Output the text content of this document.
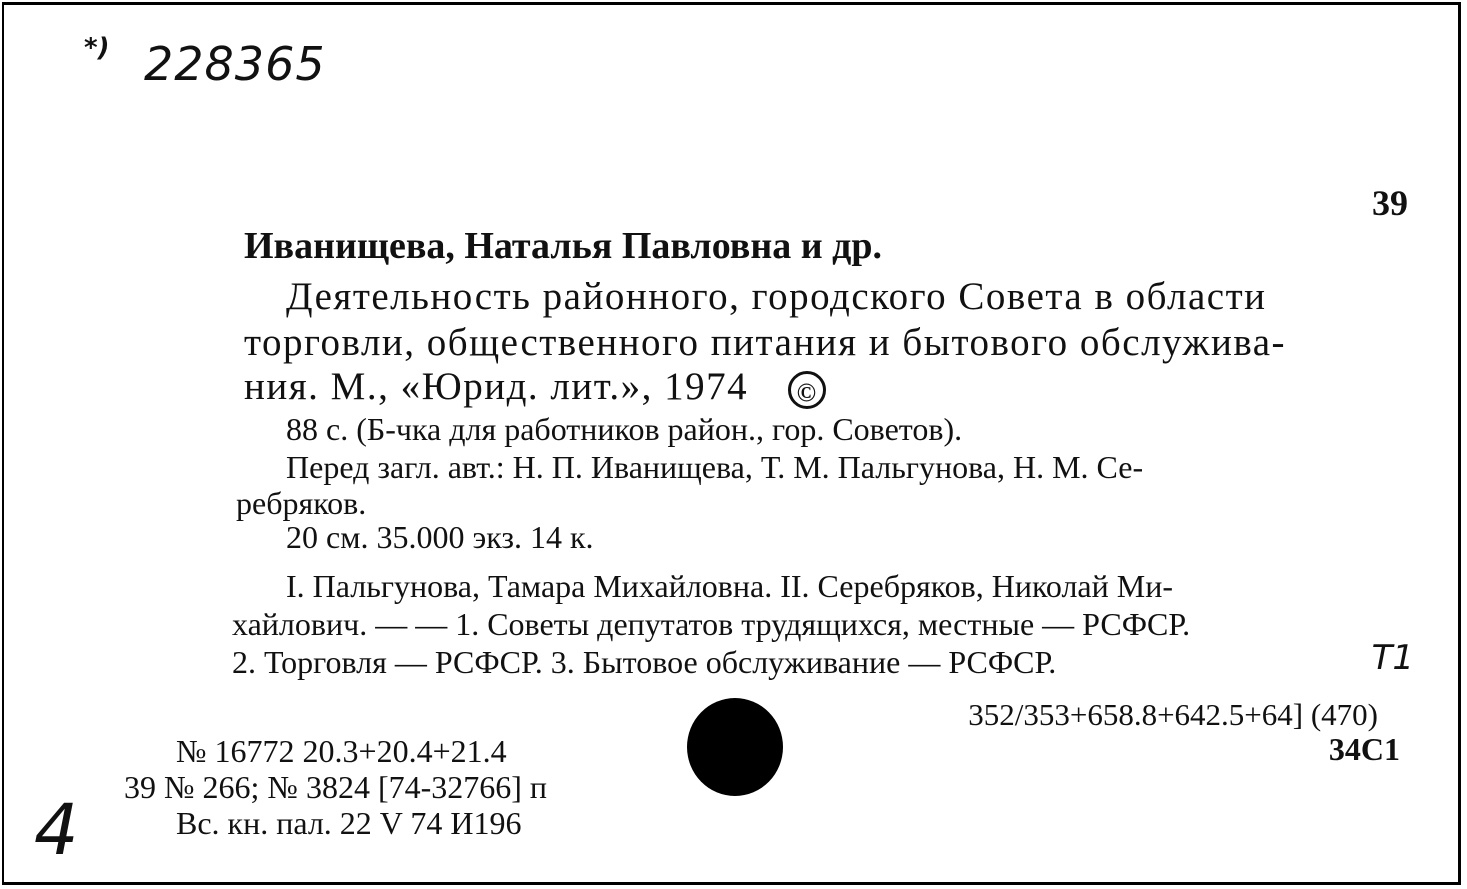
*) 228365
39
Иванищева, Наталья Павловна и др.
Деятельность районного, городского Совета в области
торговли, общественного питания и бытового обслужива-
ния. М., «Юрид. лит.», 1974 ©
88 с. (Б-чка для работников район., гор. Советов).
Перед загл. авт.: Н. П. Иванищева, Т. М. Пальгунова, Н. М. Се-
ребряков.
20 см. 35.000 экз. 14 к.
I. Пальгунова, Тамара Михайловна. II. Серебряков, Николай Ми-
хайлович. — — 1. Советы депутатов трудящихся, местные — РСФСР.
2. Торговля — РСФСР. 3. Бытовое обслуживание — РСФСР.	T1
352/353+658.8+642.5+64] (470)
34С1
№ 16772 20.3+20.4+21.4
39 № 266; № 3824 [74-32766] п
Вс. кн. пал. 22 V 74 И196
4
